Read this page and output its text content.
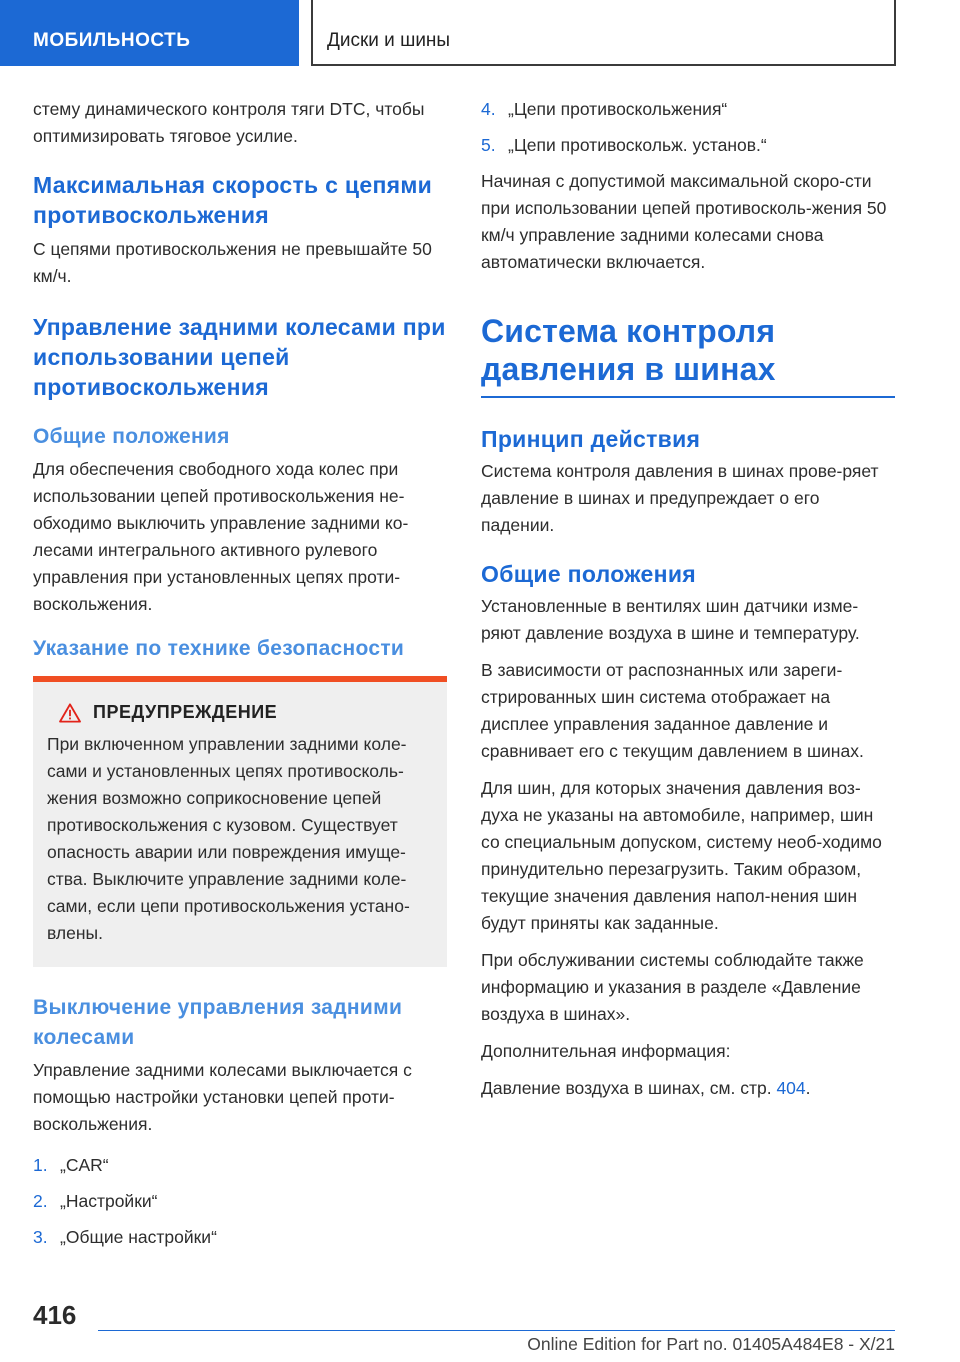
МОБИЛЬНОСТЬ	Диски и шины

стему динамического контроля тяги DTC, чтобы оптимизировать тяговое усилие.

Максимальная скорость с цепями противоскольжения

С цепями противоскольжения не превышайте 50 км/ч.

Управление задними колесами при использовании цепей противоскольжения
Общие положения

Для обеспечения свободного хода колес при использовании цепей противоскольжения не-обходимо выключить управление задними ко-лесами интегрального активного рулевого управления при установленных цепях проти-воскольжения.

Указание по технике безопасности
ПРЕДУПРЕЖДЕНИЕ

При включенном управлении задними коле-сами и установленных цепях противосколь-жения возможно соприкосновение цепей противоскольжения с кузовом. Существует опасность аварии или повреждения имуще-ства. Выключите управление задними коле-сами, если цепи противоскольжения устано-влены.

Выключение управления задними колесами

Управление задними колесами выключается с помощью настройки установки цепей проти-воскольжения.

1. „CAR“
2. „Настройки“
3. „Общие настройки“
4. „Цепи противоскольжения“
5. „Цепи противоскольж. установ.“

Начиная с допустимой максимальной скоро-сти при использовании цепей противосколь-жения 50 км/ч управление задними колесами снова автоматически включается.

Система контроля давления в шинах
Принцип действия

Система контроля давления в шинах прове-ряет давление в шинах и предупреждает о его падении.

Общие положения

Установленные в вентилях шин датчики изме-ряют давление воздуха в шине и температуру.

В зависимости от распознанных или зареги-стрированных шин система отображает на дисплее управления заданное давление и сравнивает его с текущим давлением в шинах.

Для шин, для которых значения давления воз-духа не указаны на автомобиле, например, шин со специальным допуском, систему необ-ходимо принудительно перезагрузить. Таким образом, текущие значения давления напол-нения шин будут приняты как заданные.

При обслуживании системы соблюдайте также информацию и указания в разделе «Давление воздуха в шинах».

Дополнительная информация:

Давление воздуха в шинах, см. стр. 404.

416
Online Edition for Part no. 01405A484E8 - X/21
